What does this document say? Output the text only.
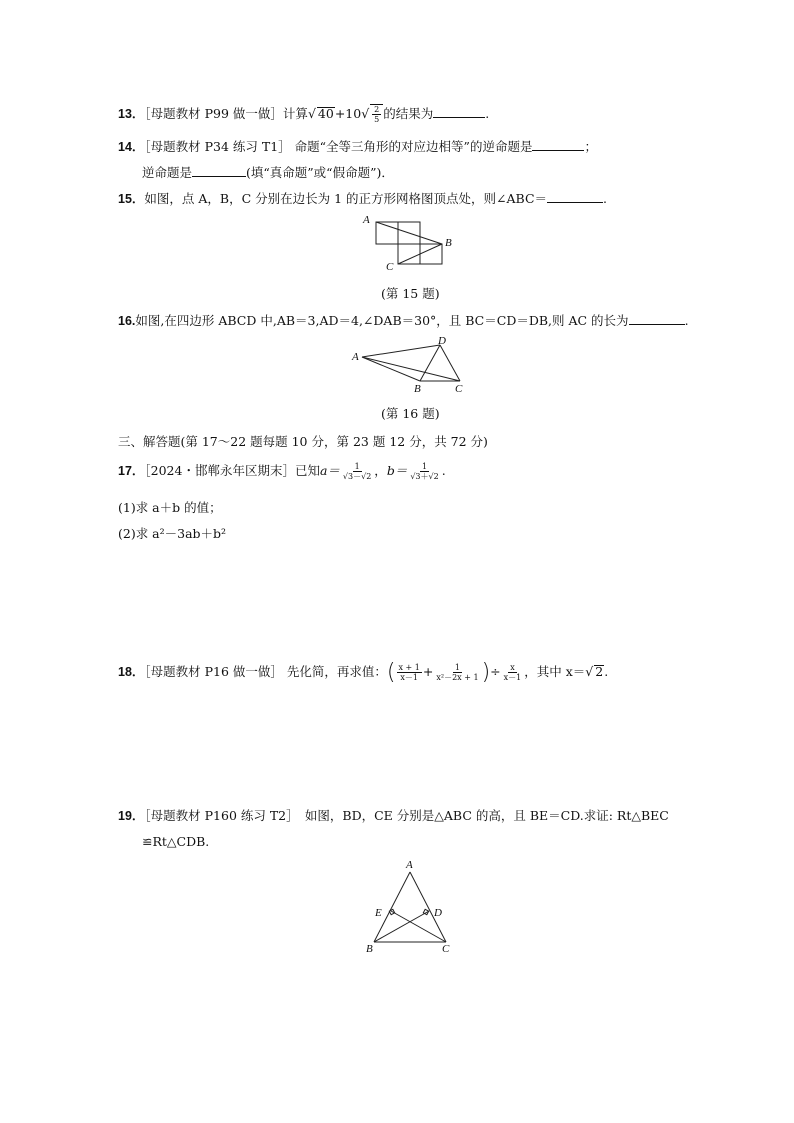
13．［母题教材 P99 做一做］计算√ $40+10√ \frac{2}{5}$ 的结果为	.
14．［母题教材 P34 练习 T1］ 命题“全等三角形的对应边相等”的逆命题是	；
逆命题是	(填“真命题”或“假命题”)．
15．如图，点 A，B，C 分别在边长为 1 的正方形网格图顶点处，则∠ABC＝	.
A
B
C
(第 15 题)
16.如图,在四边形 ABCD 中,AB＝3,AD＝4,∠DAB＝30°，且 BC＝CD＝DB,则 AC 的长为	.
A
B	C
D
(第 16 题)
三、解答题(第 17～22 题每题 10 分，第 23 题 12 分，共 72 分)
17．［2024・邯郸永年区期末］已知$a= \frac{1}{√3-√2}$ ，$b= \frac{1}{√3+√2}$ .
(1)求 a＋b 的值；
(2)求 a²－3ab＋b²
18．［母题教材 P16 做一做］ 先化简，再求值：( $\frac{x + 1}{x-1} + \frac{1}{\text{x²－2x + 1}}$ )÷ $\frac{x}{x-1}$ ，其中 x＝√ 2.
19．［母题教材 P160 练习 T2］　如图，BD，CE 分别是△ABC 的高，且 BE＝CD.求证: Rt△BEC
≌Rt△CDB.
A
B	C
D
E
